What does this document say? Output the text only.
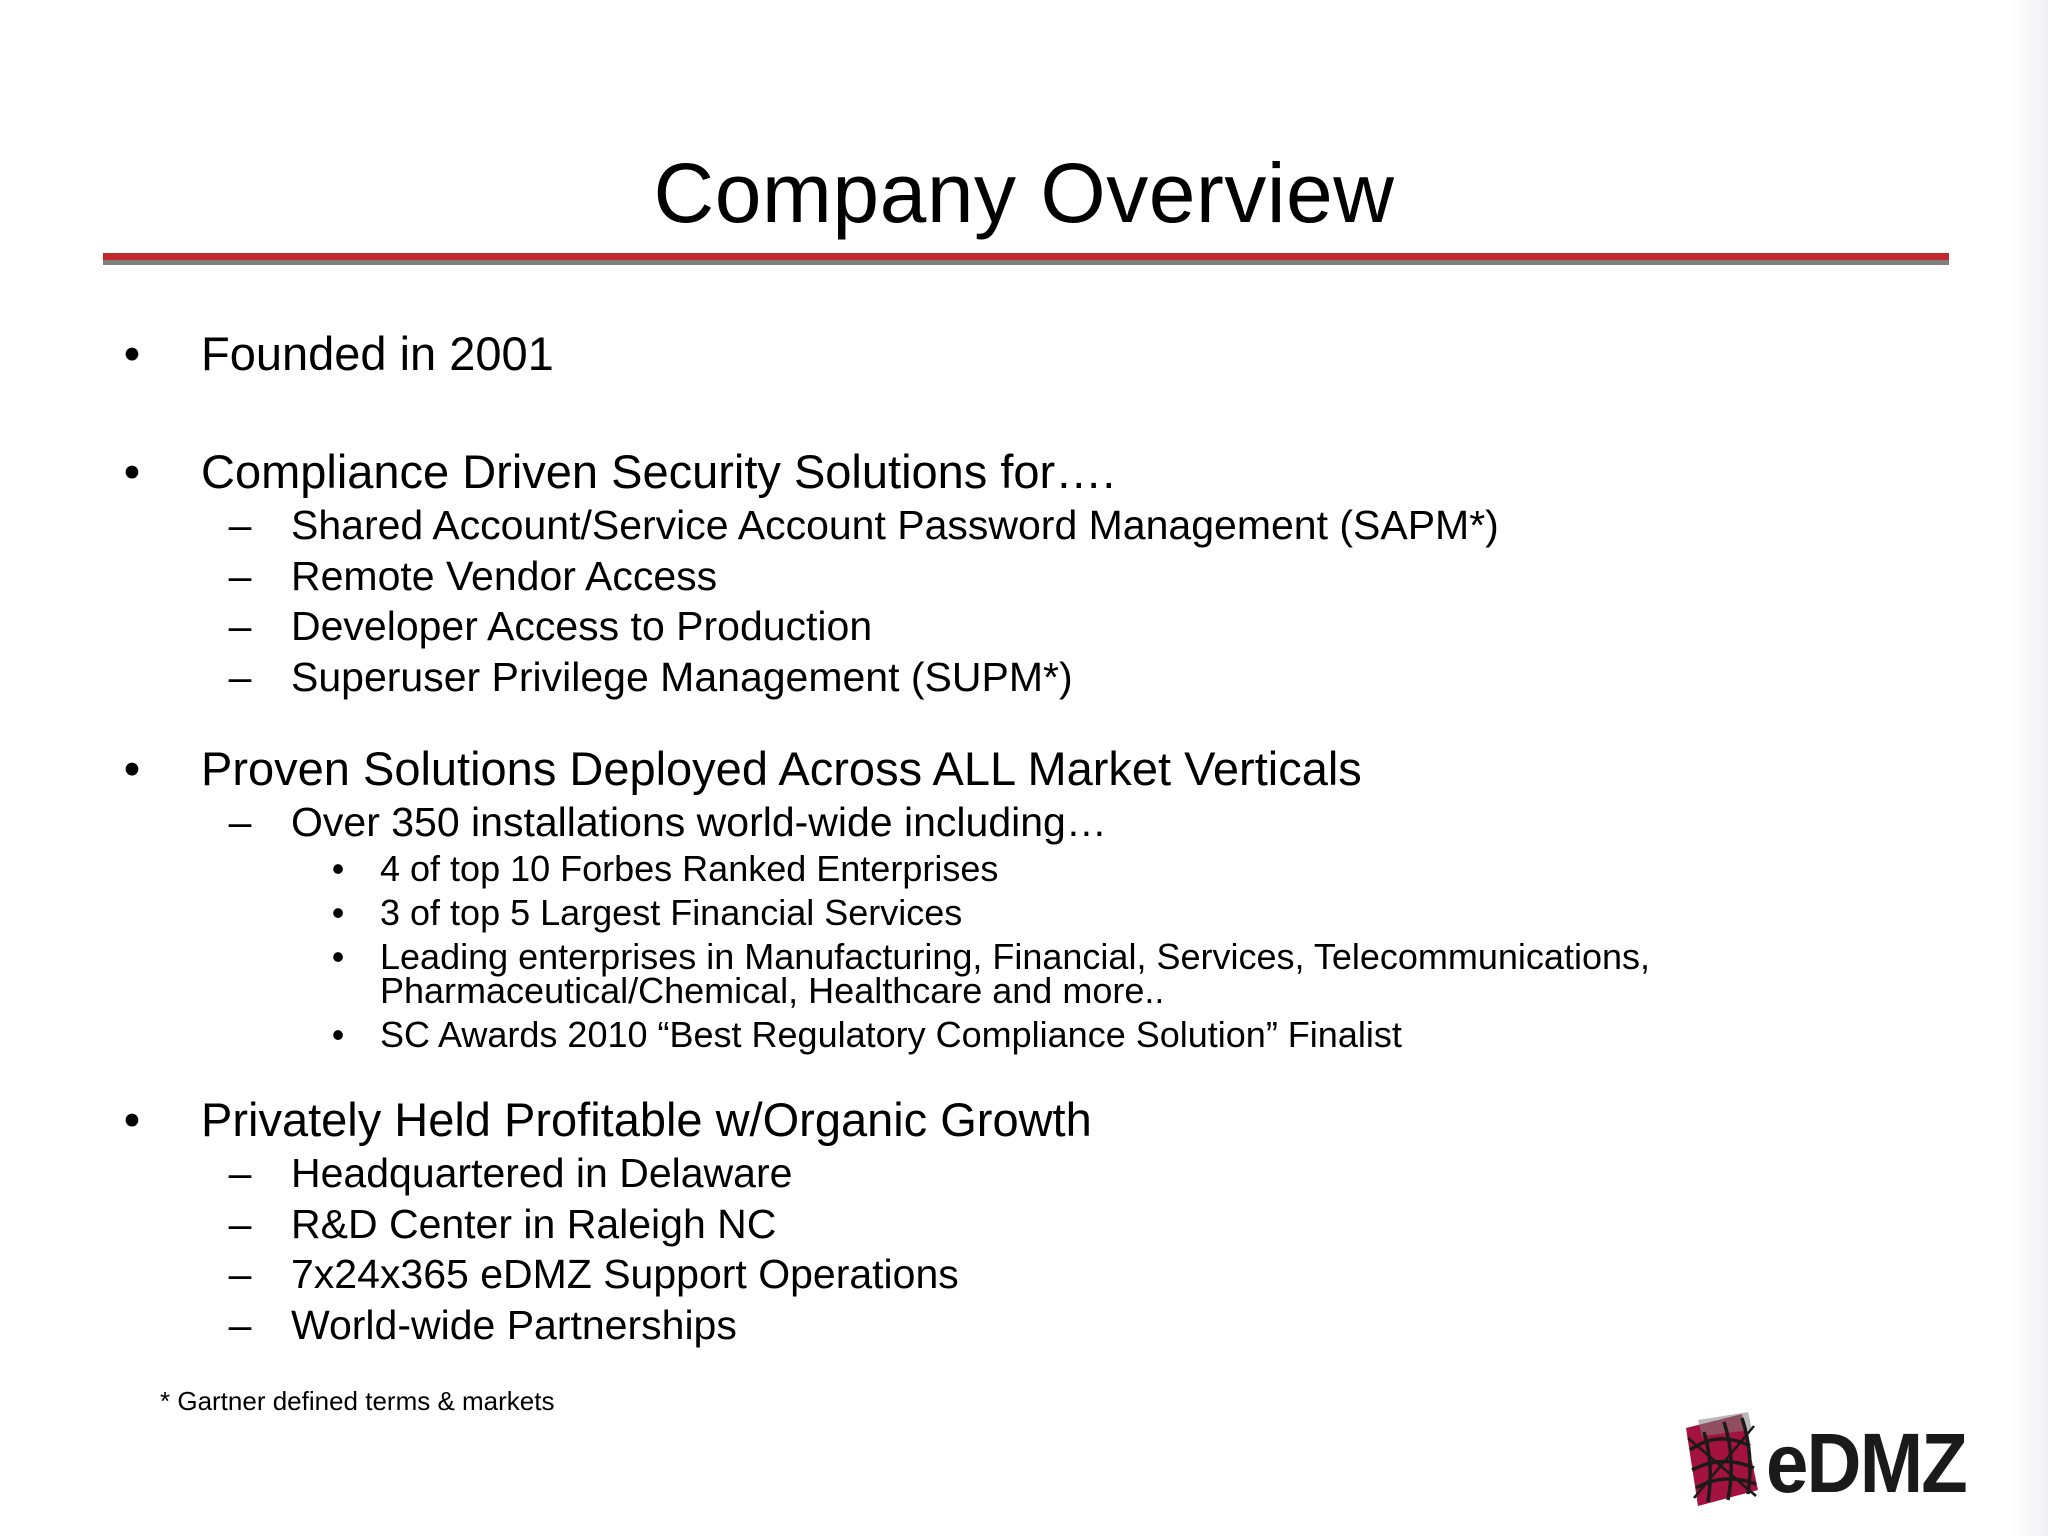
Company Overview
• Founded in 2001
• Compliance Driven Security Solutions for….
– Shared Account/Service Account Password Management (SAPM*)
– Remote Vendor Access
– Developer Access to Production
– Superuser Privilege Management (SUPM*)
• Proven Solutions Deployed Across ALL Market Verticals
– Over 350 installations world-wide including…
• 4 of top 10 Forbes Ranked Enterprises
• 3 of top 5 Largest Financial Services
• Leading enterprises in Manufacturing, Financial, Services, Telecommunications,
Pharmaceutical/Chemical, Healthcare and more..
• SC Awards 2010 “Best Regulatory Compliance Solution” Finalist
• Privately Held Profitable w/Organic Growth
– Headquartered in Delaware
– R&D Center in Raleigh NC
– 7x24x365 eDMZ Support Operations
– World-wide Partnerships
* Gartner defined terms & markets
eDMZ
